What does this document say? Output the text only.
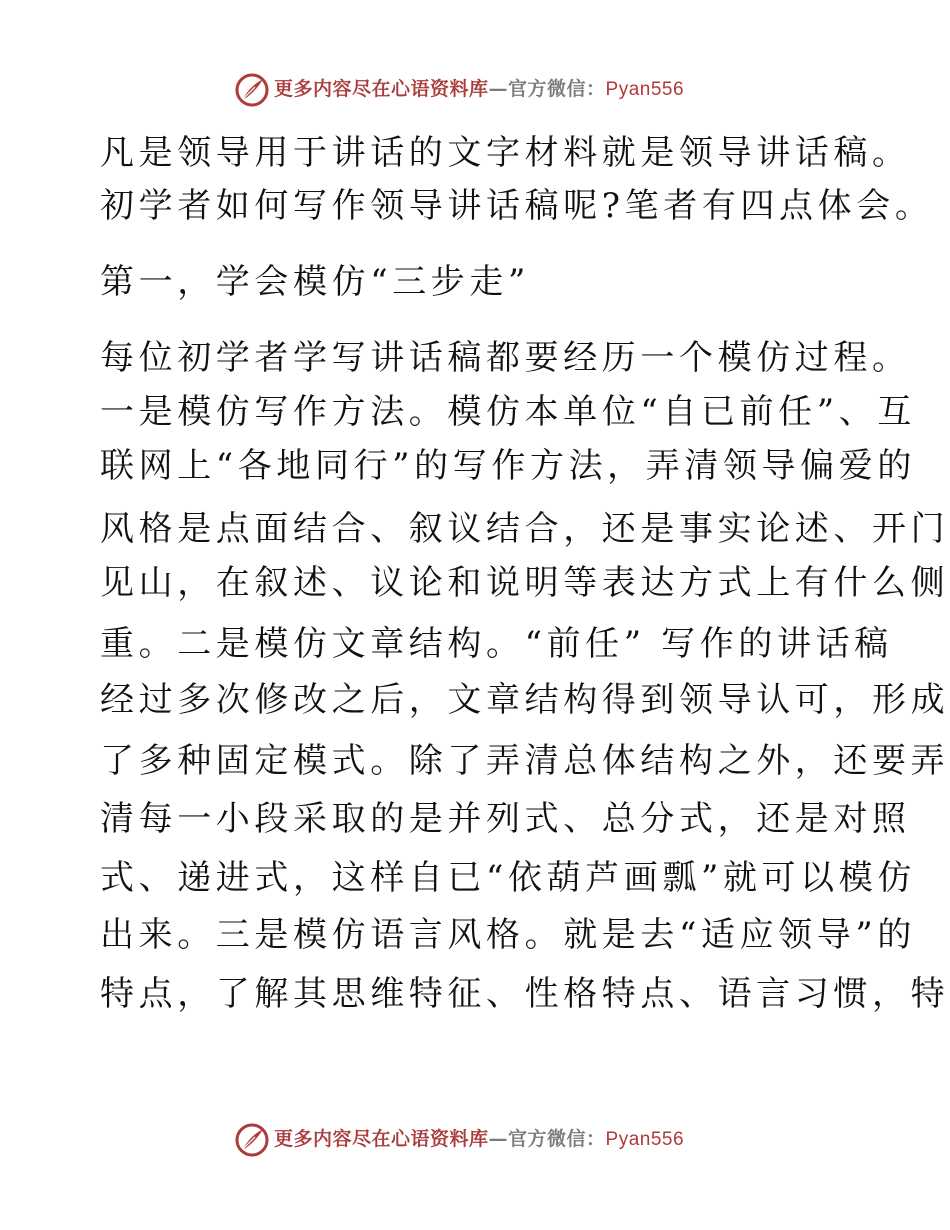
更多内容尽在心语资料库—官方微信：Pyan556
凡是领导用于讲话的文字材料就是领导讲话稿。
初学者如何写作领导讲话稿呢?笔者有四点体会。
第一，学会模仿“三步走”
每位初学者学写讲话稿都要经历一个模仿过程。
一是模仿写作方法。模仿本单位“自已前任”、互
联网上“各地同行”的写作方法，弄清领导偏爱的
风格是点面结合、叙议结合，还是事实论述、开门
见山，在叙述、议论和说明等表达方式上有什么侧
重。二是模仿文章结构。“前任” 写作的讲话稿
经过多次修改之后，文章结构得到领导认可，形成
了多种固定模式。除了弄清总体结构之外，还要弄
清每一小段采取的是并列式、总分式，还是对照
式、递进式，这样自已“依葫芦画瓢”就可以模仿
出来。三是模仿语言风格。就是去“适应领导”的
特点，了解其思维特征、性格特点、语言习惯，特
更多内容尽在心语资料库—官方微信：Pyan556
